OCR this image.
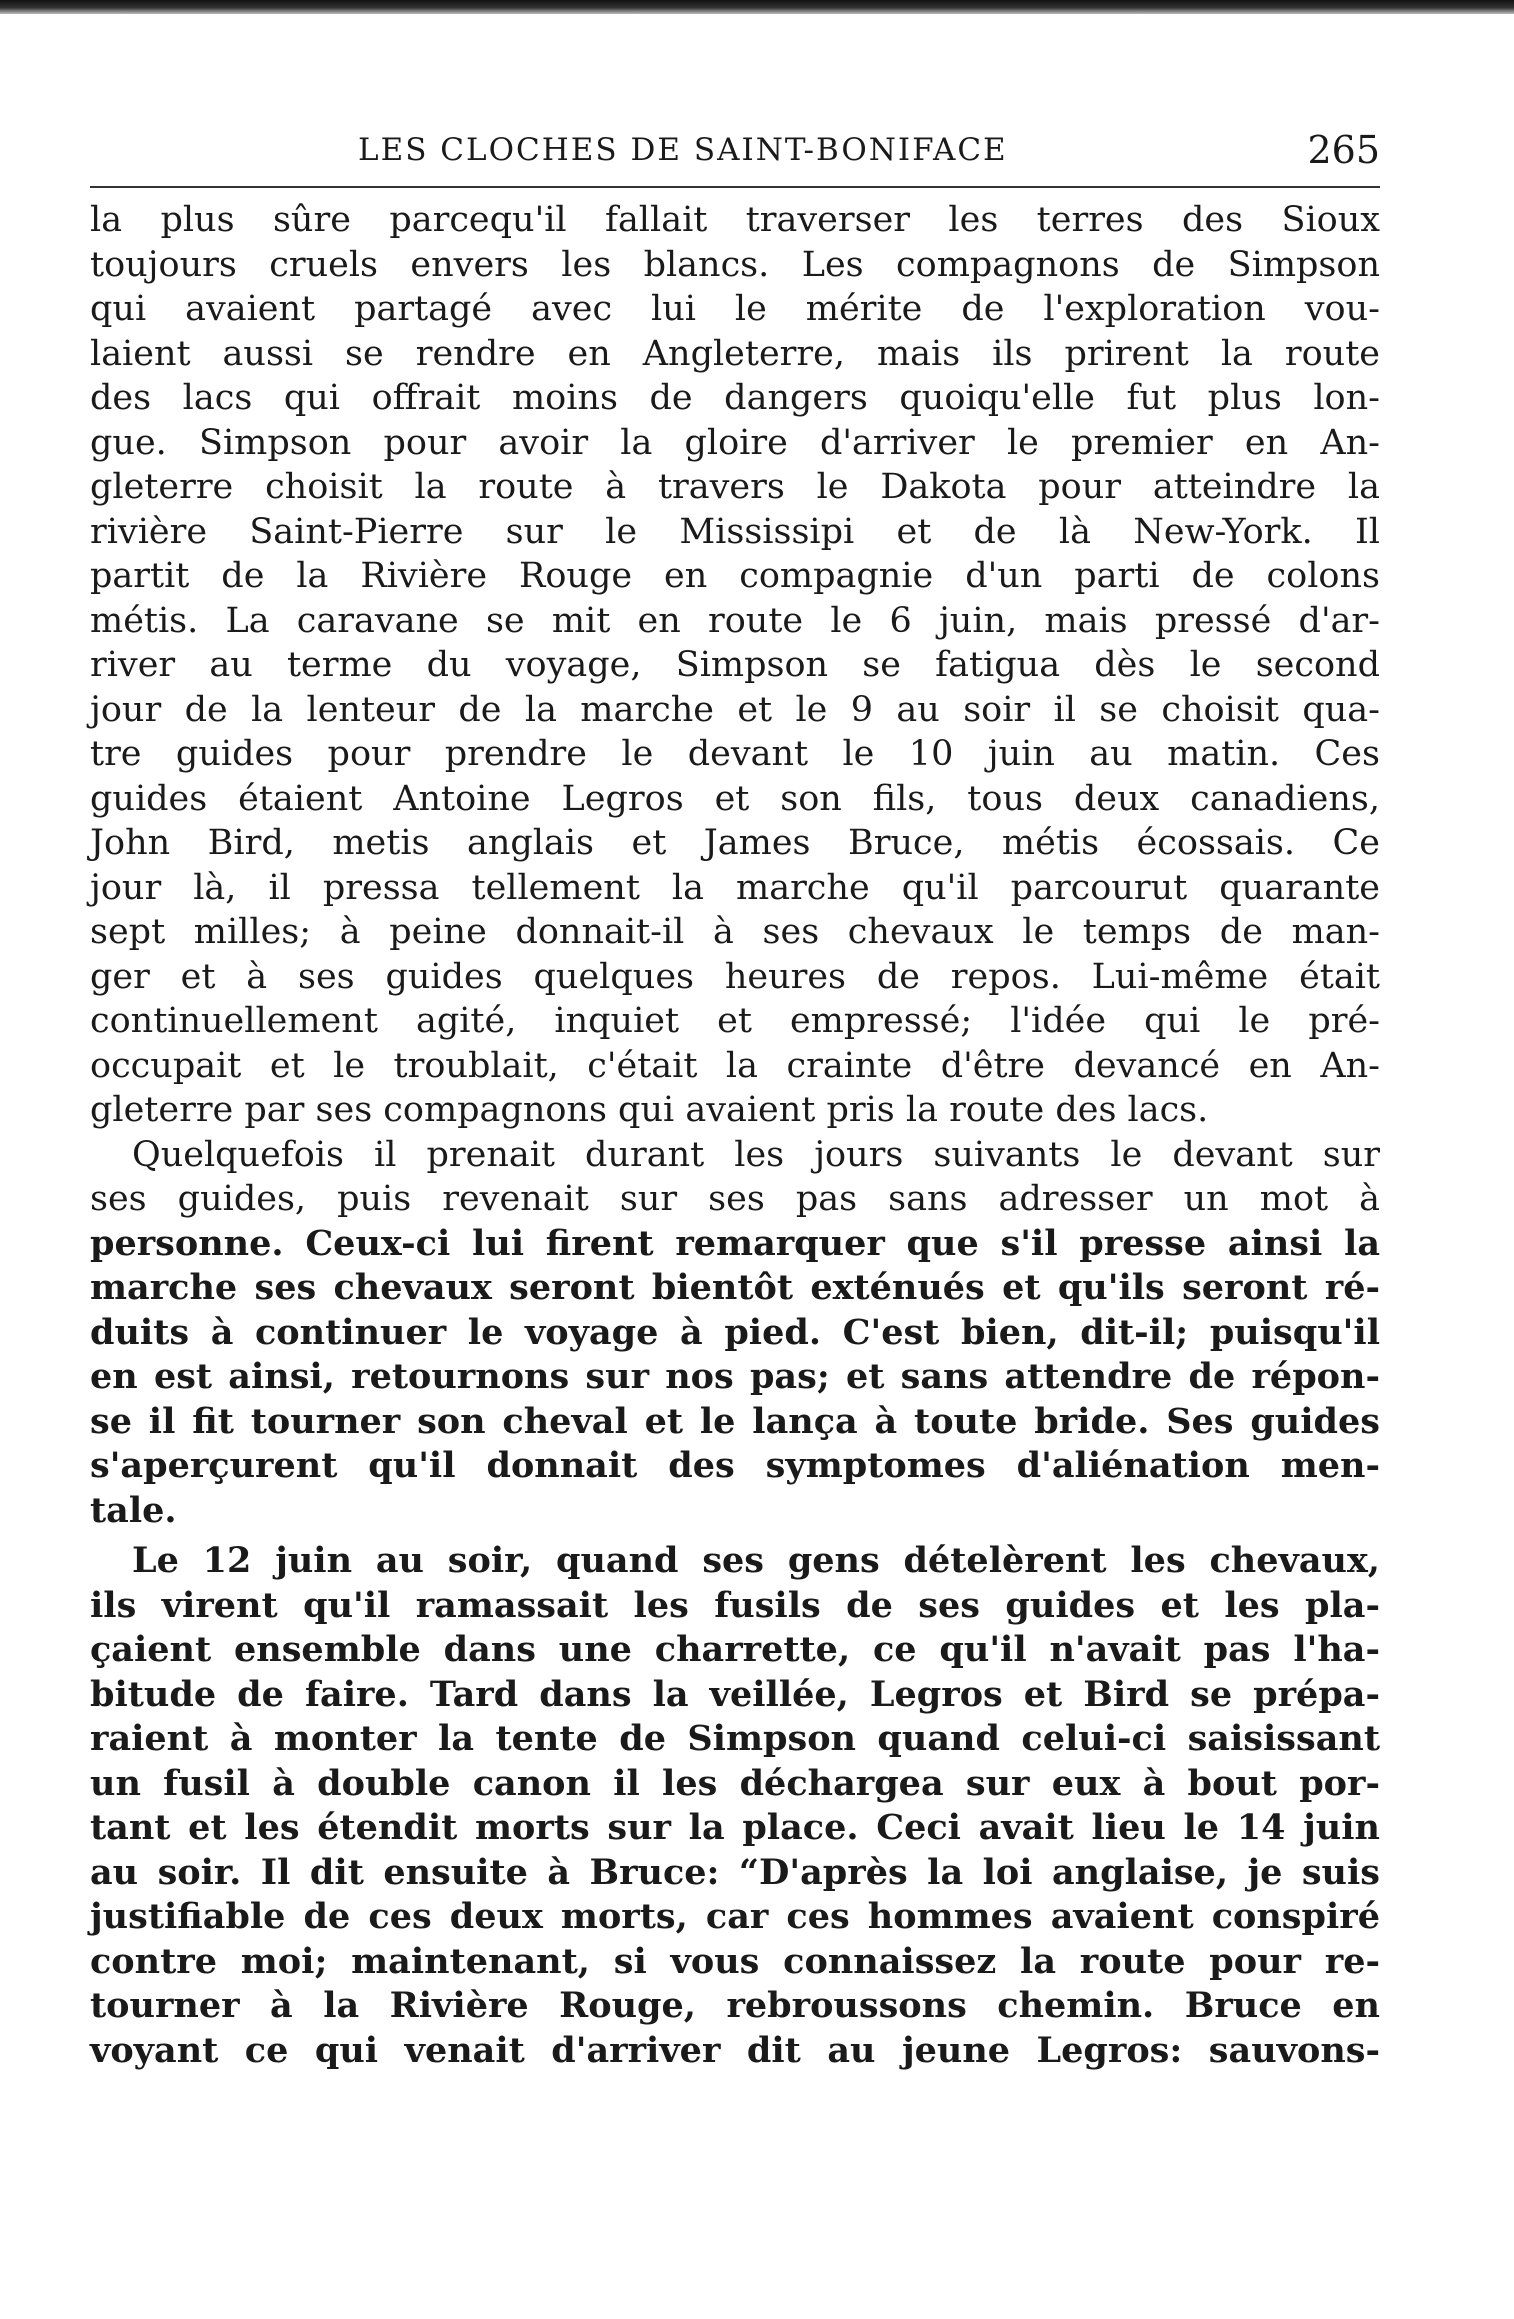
LES CLOCHES DE SAINT-BONIFACE	265
la plus sûre parcequ'il fallait traverser les terres des Sioux
toujours cruels envers les blancs. Les compagnons de Simpson
qui avaient partagé avec lui le mérite de l'exploration vou-
laient aussi se rendre en Angleterre, mais ils prirent la route
des lacs qui offrait moins de dangers quoiqu'elle fut plus lon-
gue. Simpson pour avoir la gloire d'arriver le premier en An-
gleterre choisit la route à travers le Dakota pour atteindre la
rivière Saint-Pierre sur le Mississipi et de là New-York. Il
partit de la Rivière Rouge en compagnie d'un parti de colons
métis. La caravane se mit en route le 6 juin, mais pressé d'ar-
river au terme du voyage, Simpson se fatigua dès le second
jour de la lenteur de la marche et le 9 au soir il se choisit qua-
tre guides pour prendre le devant le 10 juin au matin. Ces
guides étaient Antoine Legros et son fils, tous deux canadiens,
John Bird, metis anglais et James Bruce, métis écossais. Ce
jour là, il pressa tellement la marche qu'il parcourut quarante
sept milles; à peine donnait-il à ses chevaux le temps de man-
ger et à ses guides quelques heures de repos. Lui-même était
continuellement agité, inquiet et empressé; l'idée qui le pré-
occupait et le troublait, c'était la crainte d'être devancé en An-
gleterre par ses compagnons qui avaient pris la route des lacs.
Quelquefois il prenait durant les jours suivants le devant sur
ses guides, puis revenait sur ses pas sans adresser un mot à
personne. Ceux-ci lui firent remarquer que s'il presse ainsi la
marche ses chevaux seront bientôt exténués et qu'ils seront ré-
duits à continuer le voyage à pied. C'est bien, dit-il; puisqu'il
en est ainsi, retournons sur nos pas; et sans attendre de répon-
se il fit tourner son cheval et le lança à toute bride. Ses guides
s'aperçurent qu'il donnait des symptomes d'aliénation men-
tale.
Le 12 juin au soir, quand ses gens dételèrent les chevaux,
ils virent qu'il ramassait les fusils de ses guides et les pla-
çaient ensemble dans une charrette, ce qu'il n'avait pas l'ha-
bitude de faire. Tard dans la veillée, Legros et Bird se prépa-
raient à monter la tente de Simpson quand celui-ci saisissant
un fusil à double canon il les déchargea sur eux à bout por-
tant et les étendit morts sur la place. Ceci avait lieu le 14 juin
au soir. Il dit ensuite à Bruce: “D'après la loi anglaise, je suis
justifiable de ces deux morts, car ces hommes avaient conspiré
contre moi; maintenant, si vous connaissez la route pour re-
tourner à la Rivière Rouge, rebroussons chemin. Bruce en
voyant ce qui venait d'arriver dit au jeune Legros: sauvons-
